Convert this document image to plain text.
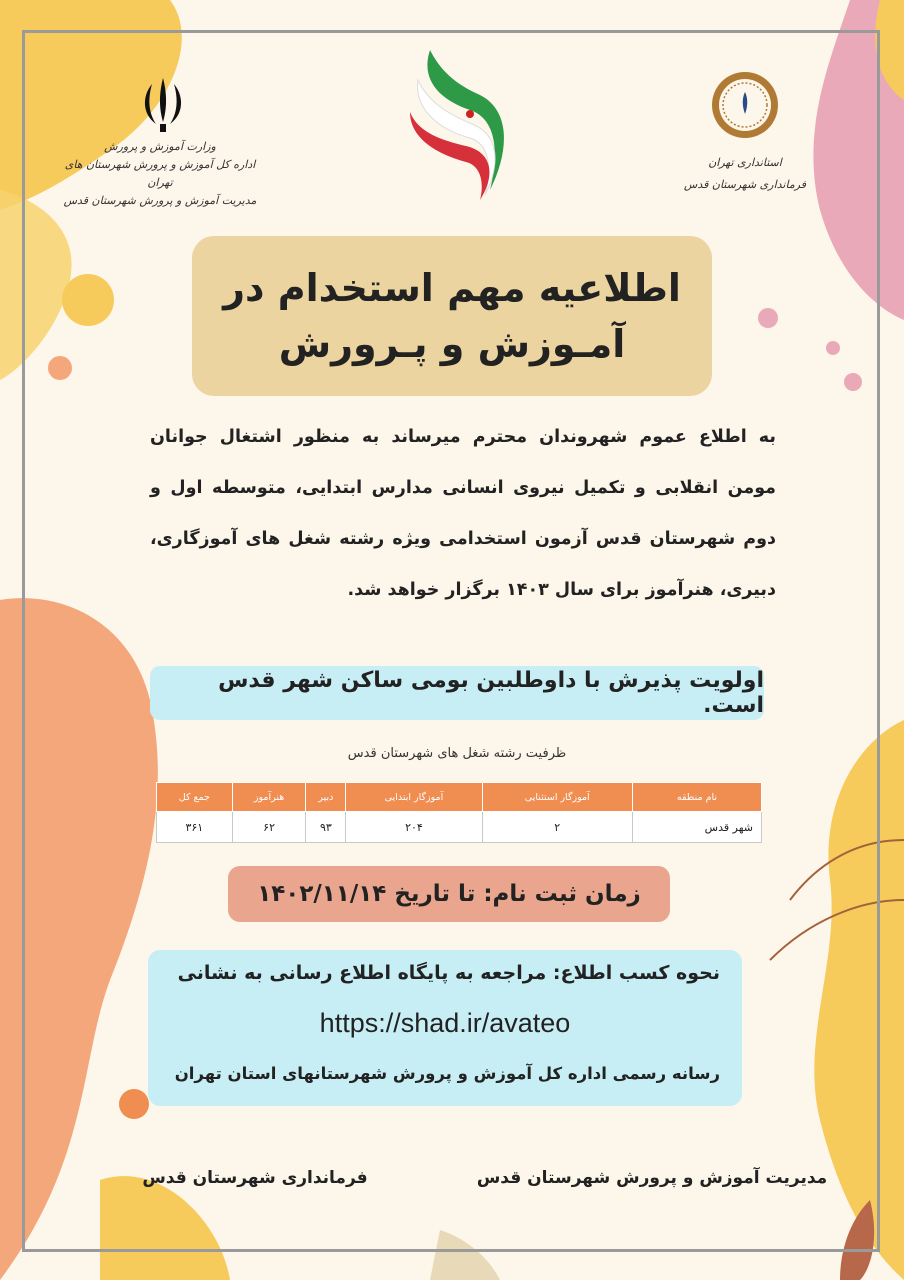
وزارت آموزش و پرورش
اداره کل آموزش و پرورش شهرستان های تهران
مدیریت آموزش و پرورش شهرستان قدس
استانداری تهران
فرمانداری شهرستان قدس
اطلاعیه مهم استخدام در
آمـوزش و پـرورش
به اطلاع عموم شهروندان محترم میرساند به منظور اشتغال جوانان مومن انقلابی و تکمیل نیروی انسانی مدارس ابتدایی، متوسطه اول و دوم شهرستان قدس آزمون استخدامی ویژه رشته شغل های آموزگاری، دبیری، هنرآموز برای سال ۱۴۰۳ برگزار خواهد شد.
اولویت پذیرش با داوطلبین بومی ساکن شهر قدس است.
ظرفیت رشته شغل های شهرستان قدس
نام منطقه	آموزگار استثنایی	آموزگار ابتدایی	دبیر	هنرآموز	جمع کل
شهر قدس	۲	۲۰۴	۹۳	۶۲	۳۶۱
زمان ثبت نام: تا تاریخ ۱۴۰۲/۱۱/۱۴
نحوه کسب اطلاع: مراجعه به پایگاه اطلاع رسانی به نشانی
https://shad.ir/avateo
رسانه رسمی اداره کل آموزش و پرورش شهرستانهای استان تهران
فرمانداری شهرستان قدس	مدیریت آموزش و پرورش شهرستان قدس
